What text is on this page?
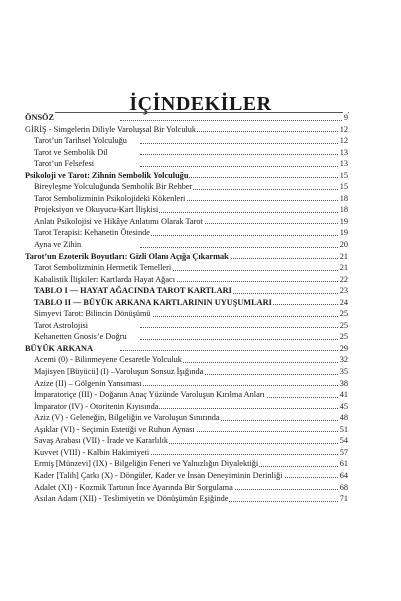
İÇİNDEKİLER
ÖNSÖZ	9
GİRİŞ - Simgelerin Diliyle Varoluşsal Bir Yolculuk	12
Tarot’un Tarihsel Yolculuğu	12
Tarot ve Sembolik Dil	13
Tarot’un Felsefesi	13
Psikoloji ve Tarot: Zihnin Sembolik Yolculuğu	15
Bireyleşme Yolculuğunda Sembolik Bir Rehber	15
Tarot Sembolizminin Psikolojideki Kökenleri	18
Projeksiyon ve Okuyucu-Kart İlişkisi	18
Anlatı Psikolojisi ve Hikâye Anlatımı Olarak Tarot	19
Tarot Terapisi: Kehanetin Ötesinde	19
Ayna ve Zihin	20
Tarot’un Ezoterik Boyutları: Gizli Olanı Açığa Çıkarmak	21
Tarot Sembolizminin Hermetik Temelleri	21
Kabalistik İlişkiler: Kartlarda Hayat Ağacı	22
TABLO I — HAYAT AĞACINDA TAROT KARTLARI	23
TABLO II — BÜYÜK ARKANA KARTLARININ UYUŞUMLARI	24
Simyevi Tarot: Bilincin Dönüşümü	25
Tarot Astrolojisi	25
Kehanetten Gnosis’e Doğru	25
BÜYÜK ARKANA	29
Acemi (0) - Bilinmeyene Cesaretle Yolculuk	32
Majisyen [Büyücü] (I) –Varoluşun Sonsuz İşığında	35
Azize (II) – Gölgenin Yansıması	38
İmparatoriçe (III) - Doğanın Anaç Yüzünde Varoluşun Kırılma Anları	41
İmparator (IV) - Otoritenin Kıyısında	45
Aziz (V) - Geleneğin, Bilgeliğin ve Varoluşun Sınırında	48
Aşıklar (VI) - Seçimin Estetiği ve Ruhun Aynası	51
Savaş Arabası (VII) - İrade ve Kararlılık	54
Kuvvet (VIII) - Kalbin Hakimiyeti	57
Ermiş [Münzevi] (IX) - Bilgeliğin Feneri ve Yalnızlığın Diyalektiği	61
Kader [Talih] Çarkı (X) - Döngüler, Kader ve İnsan Deneyiminin Derinliği	64
Adalet (XI) - Kozmik Tartının İnce Ayarında Bir Sorgulama	68
Asılan Adam (XII) - Teslimiyetin ve Dönüşümün Eşiğinde	71
